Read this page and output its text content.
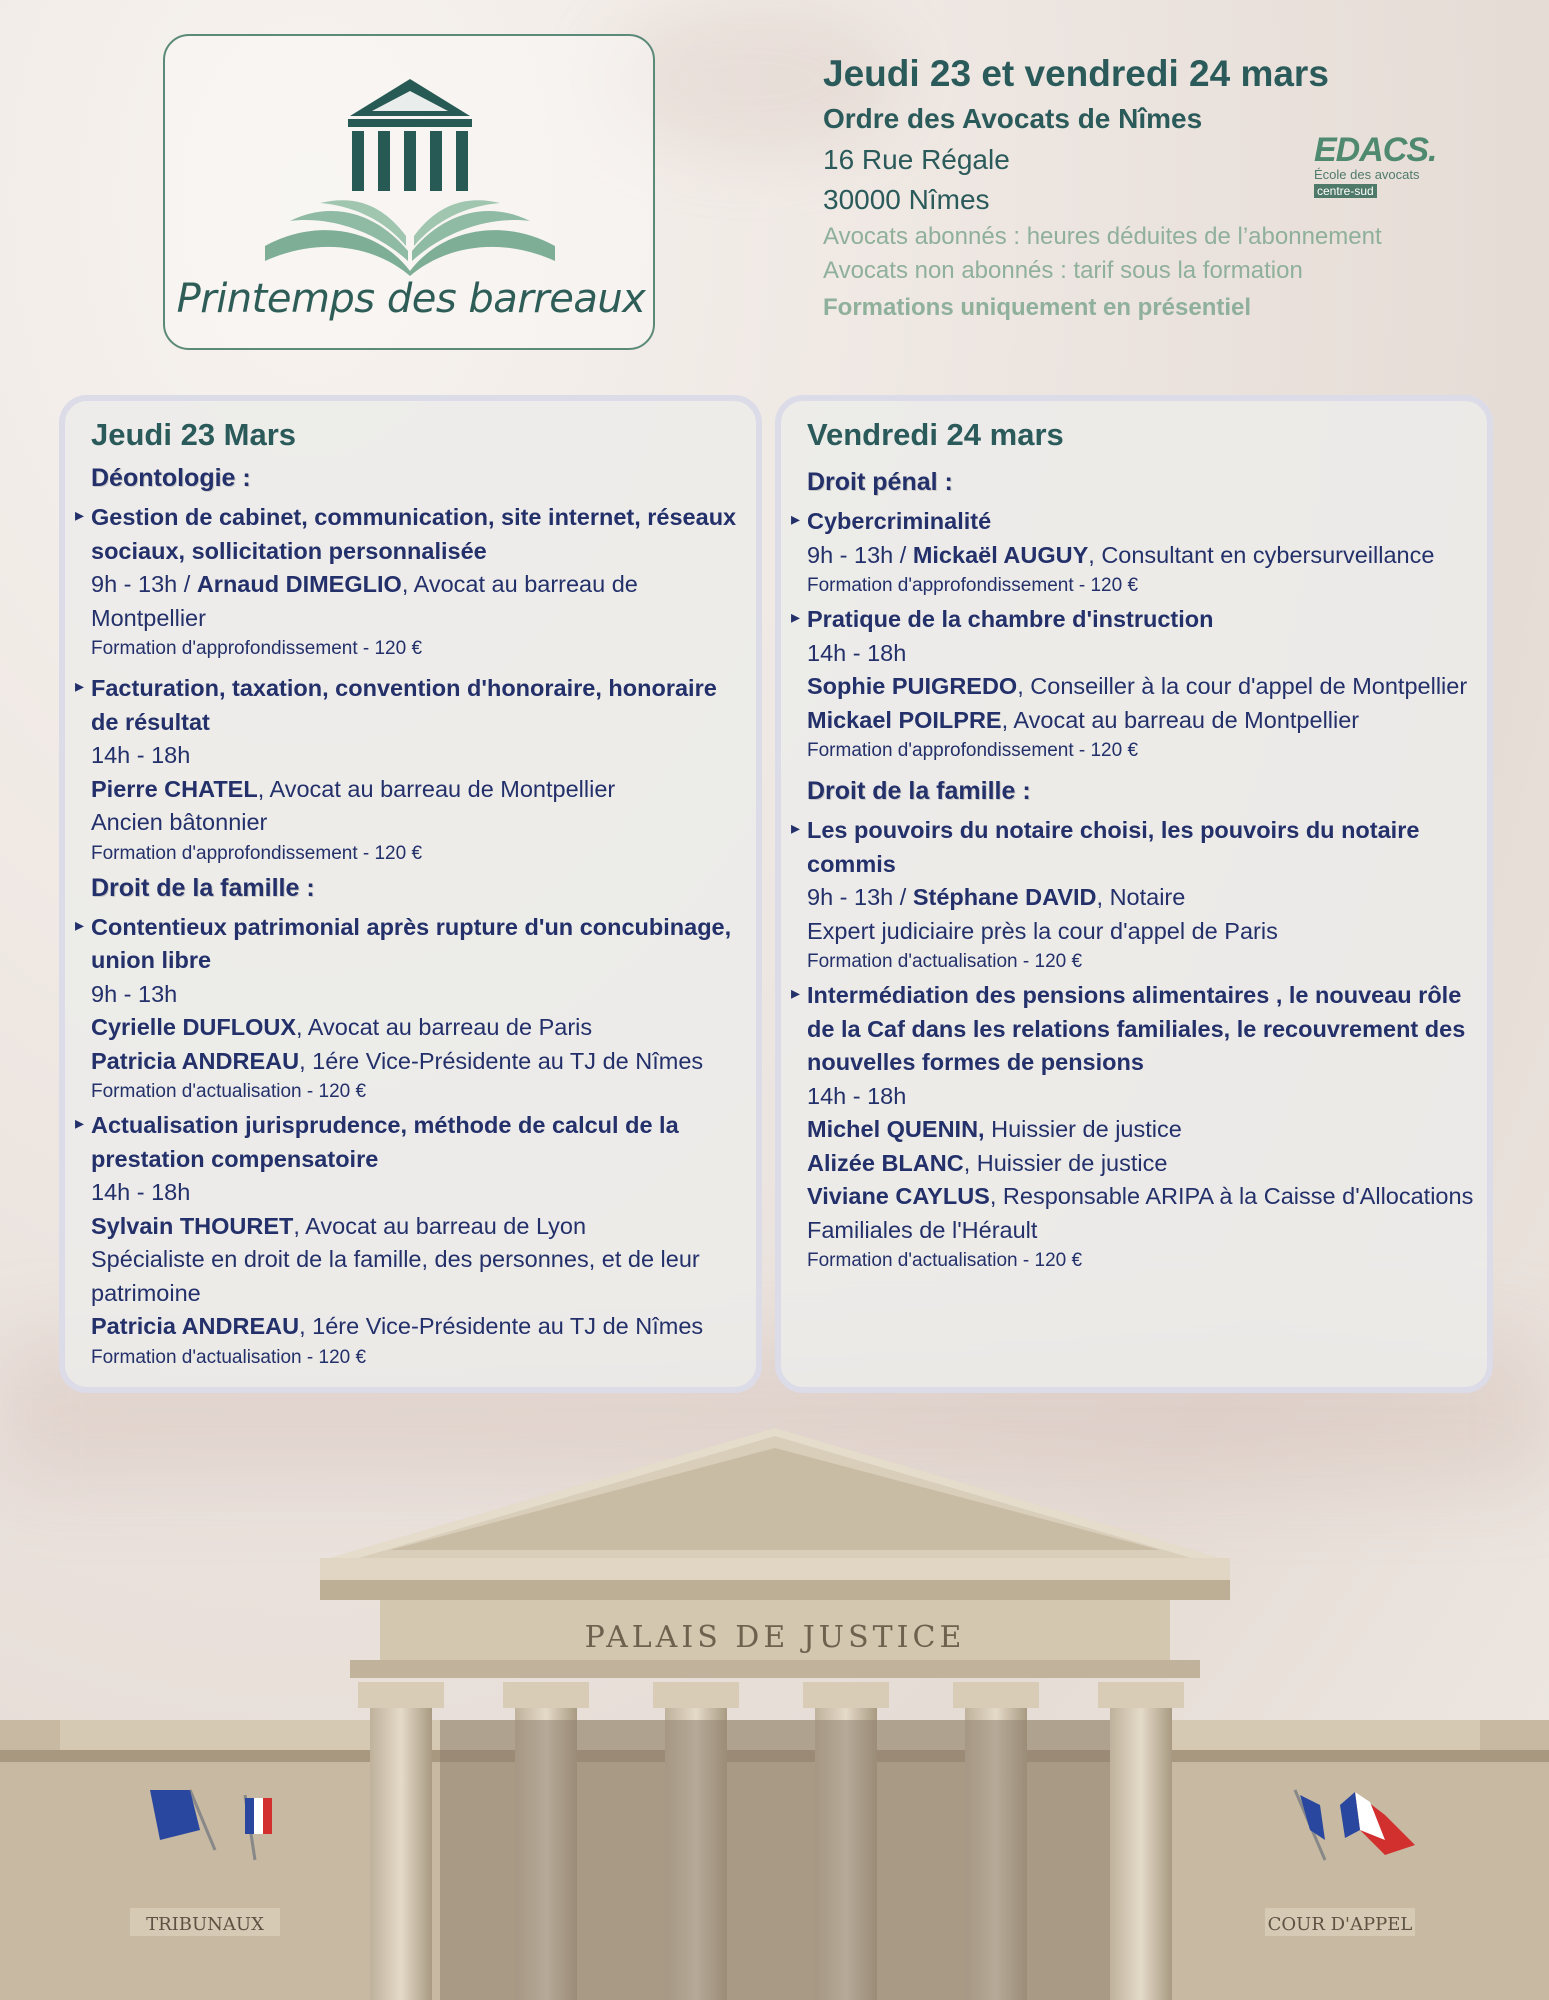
Printemps des barreaux
Jeudi 23 et vendredi 24 mars
Ordre des Avocats de Nîmes
16 Rue Régale
30000 Nîmes
Avocats abonnés : heures déduites de l’abonnement
Avocats non abonnés : tarif sous la formation
Formations uniquement en présentiel
EDACS.
École des avocats
centre-sud
Jeudi 23 Mars
Déontologie :
▸ Gestion de cabinet, communication, site internet, réseaux sociaux, sollicitation personnalisée
9h - 13h / Arnaud DIMEGLIO, Avocat au barreau de Montpellier
Formation d'approfondissement - 120 €
▸ Facturation, taxation, convention d'honoraire, honoraire de résultat
14h - 18h
Pierre CHATEL, Avocat au barreau de Montpellier
Ancien bâtonnier
Formation d'approfondissement - 120 €
Droit de la famille :
▸ Contentieux patrimonial après rupture d'un concubinage, union libre
9h - 13h
Cyrielle DUFLOUX, Avocat au barreau de Paris
Patricia ANDREAU, 1ére Vice-Présidente au TJ de Nîmes
Formation d'actualisation - 120 €
▸ Actualisation jurisprudence, méthode de calcul de la prestation compensatoire
14h - 18h
Sylvain THOURET, Avocat au barreau de Lyon
Spécialiste en droit de la famille, des personnes, et de leur patrimoine
Patricia ANDREAU, 1ére Vice-Présidente au TJ de Nîmes
Formation d'actualisation - 120 €
Vendredi 24 mars
Droit pénal :
▸ Cybercriminalité
9h - 13h / Mickaël AUGUY, Consultant en cybersurveillance
Formation d'approfondissement - 120 €
▸ Pratique de la chambre d'instruction
14h - 18h
Sophie PUIGREDO, Conseiller à la cour d'appel de Montpellier
Mickael POILPRE, Avocat au barreau de Montpellier
Formation d'approfondissement - 120 €
Droit de la famille :
▸ Les pouvoirs du notaire choisi, les pouvoirs du notaire commis
9h - 13h / Stéphane DAVID, Notaire
Expert judiciaire près la cour d'appel de Paris
Formation d'actualisation - 120 €
▸ Intermédiation des pensions alimentaires , le nouveau rôle de la Caf dans les relations familiales, le recouvrement des nouvelles formes de pensions
14h - 18h
Michel QUENIN, Huissier de justice
Alizée BLANC, Huissier de justice
Viviane CAYLUS, Responsable ARIPA à la Caisse d'Allocations Familiales de l'Hérault
Formation d'actualisation - 120 €
PALAIS DE JUSTICE
TRIBUNAUX	COUR D'APPEL
